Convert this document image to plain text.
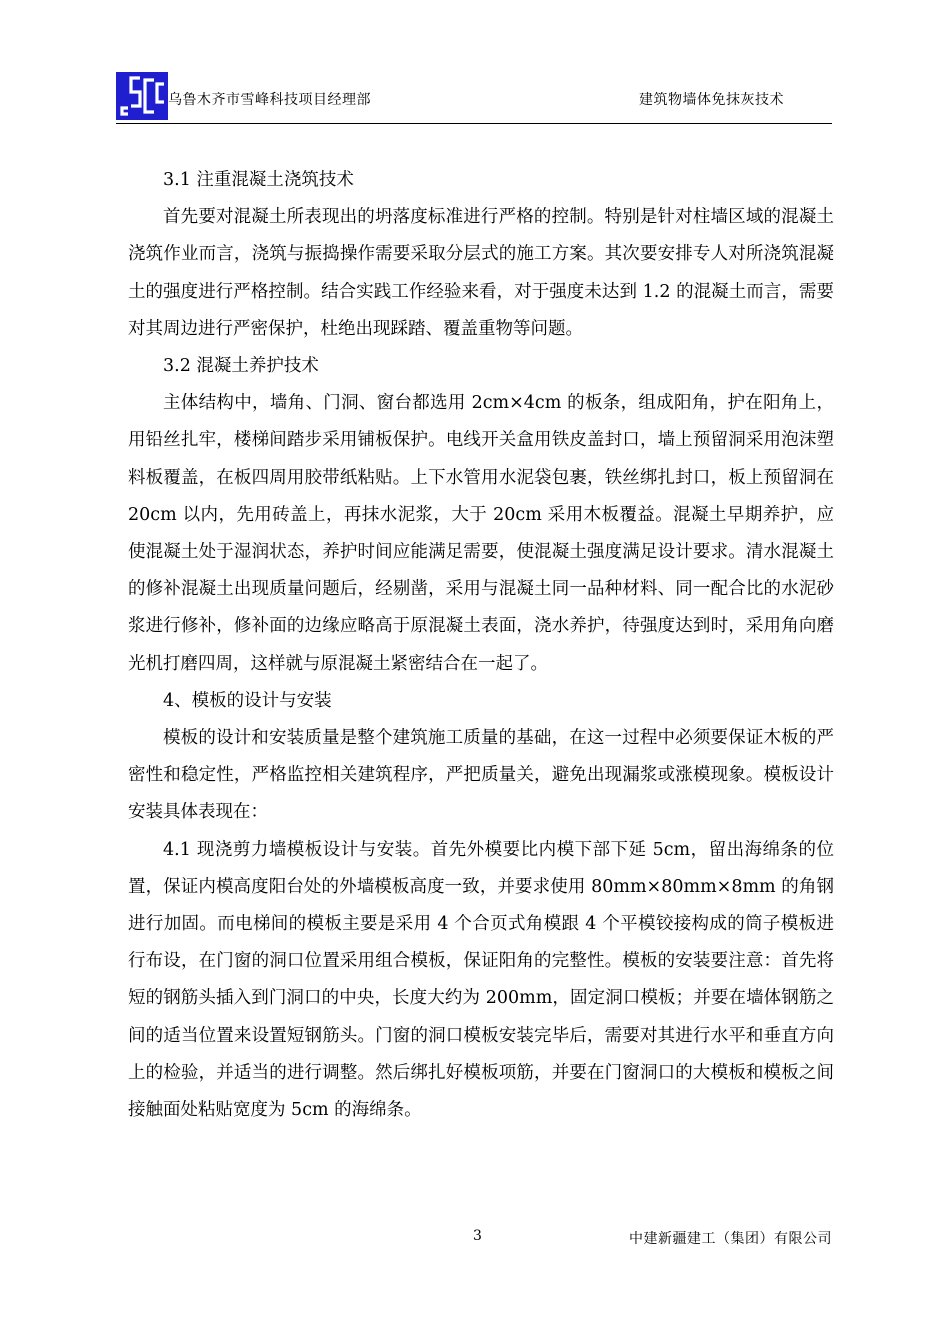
乌鲁木齐市雪峰科技项目经理部	建筑物墙体免抹灰技术

3.1 注重混凝土浇筑技术

首先要对混凝土所表现出的坍落度标准进行严格的控制。特别是针对柱墙区域的混凝土浇筑作业而言，浇筑与振捣操作需要采取分层式的施工方案。其次要安排专人对所浇筑混凝土的强度进行严格控制。结合实践工作经验来看，对于强度未达到 1.2 的混凝土而言，需要对其周边进行严密保护，杜绝出现踩踏、覆盖重物等问题。

3.2 混凝土养护技术

主体结构中，墙角、门洞、窗台都选用 2cm×4cm 的板条，组成阳角，护在阳角上，用铅丝扎牢，楼梯间踏步采用铺板保护。电线开关盒用铁皮盖封口，墙上预留洞采用泡沫塑料板覆盖，在板四周用胶带纸粘贴。上下水管用水泥袋包裹，铁丝绑扎封口，板上预留洞在 20cm 以内，先用砖盖上，再抹水泥浆，大于 20cm 采用木板覆益。混凝土早期养护，应使混凝土处于湿润状态，养护时间应能满足需要，使混凝土强度满足设计要求。清水混凝土的修补混凝土出现质量问题后，经剔凿，采用与混凝土同一品种材料、同一配合比的水泥砂浆进行修补，修补面的边缘应略高于原混凝土表面，浇水养护，待强度达到时，采用角向磨光机打磨四周，这样就与原混凝土紧密结合在一起了。

4、模板的设计与安装

模板的设计和安装质量是整个建筑施工质量的基础，在这一过程中必须要保证木板的严密性和稳定性，严格监控相关建筑程序，严把质量关，避免出现漏浆或涨模现象。模板设计安装具体表现在：

4.1 现浇剪力墙模板设计与安装。首先外模要比内模下部下延 5cm，留出海绵条的位置，保证内模高度阳台处的外墙模板高度一致，并要求使用 80mm×80mm×8mm 的角钢进行加固。而电梯间的模板主要是采用 4 个合页式角模跟 4 个平模铰接构成的筒子模板进行布设，在门窗的洞口位置采用组合模板，保证阳角的完整性。模板的安装要注意：首先将短的钢筋头插入到门洞口的中央，长度大约为 200mm，固定洞口模板；并要在墙体钢筋之间的适当位置来设置短钢筋头。门窗的洞口模板安装完毕后，需要对其进行水平和垂直方向上的检验，并适当的进行调整。然后绑扎好模板项筋，并要在门窗洞口的大模板和模板之间接触面处粘贴宽度为 5cm 的海绵条。

3	中建新疆建工（集团）有限公司
